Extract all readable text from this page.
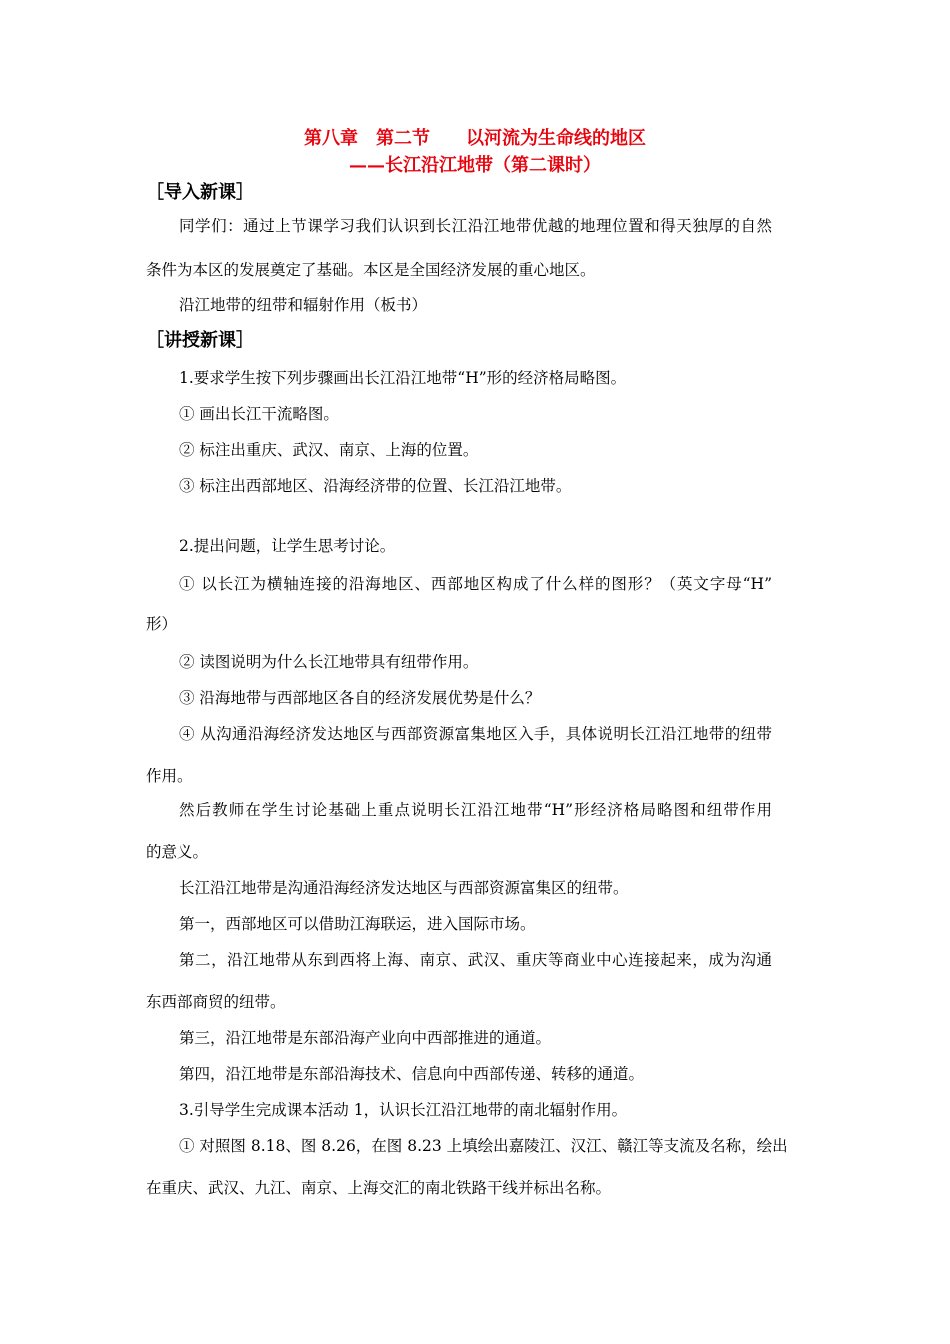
第八章　第二节　　以河流为生命线的地区
——长江沿江地带（第二课时）
［导入新课］
同学们：通过上节课学习我们认识到长江沿江地带优越的地理位置和得天独厚的自然
条件为本区的发展奠定了基础。本区是全国经济发展的重心地区。
沿江地带的纽带和辐射作用（板书）
［讲授新课］
1.要求学生按下列步骤画出长江沿江地带“H”形的经济格局略图。
① 画出长江干流略图。
② 标注出重庆、武汉、南京、上海的位置。
③ 标注出西部地区、沿海经济带的位置、长江沿江地带。
2.提出问题，让学生思考讨论。
① 以长江为横轴连接的沿海地区、西部地区构成了什么样的图形？（英文字母“H”
形）
② 读图说明为什么长江地带具有纽带作用。
③ 沿海地带与西部地区各自的经济发展优势是什么？
④ 从沟通沿海经济发达地区与西部资源富集地区入手，具体说明长江沿江地带的纽带
作用。
然后教师在学生讨论基础上重点说明长江沿江地带“H”形经济格局略图和纽带作用
的意义。
长江沿江地带是沟通沿海经济发达地区与西部资源富集区的纽带。
第一，西部地区可以借助江海联运，进入国际市场。
第二，沿江地带从东到西将上海、南京、武汉、重庆等商业中心连接起来，成为沟通
东西部商贸的纽带。
第三，沿江地带是东部沿海产业向中西部推进的通道。
第四，沿江地带是东部沿海技术、信息向中西部传递、转移的通道。
3.引导学生完成课本活动 1，认识长江沿江地带的南北辐射作用。
① 对照图 8.18、图 8.26，在图 8.23 上填绘出嘉陵江、汉江、赣江等支流及名称，绘出
在重庆、武汉、九江、南京、上海交汇的南北铁路干线并标出名称。
